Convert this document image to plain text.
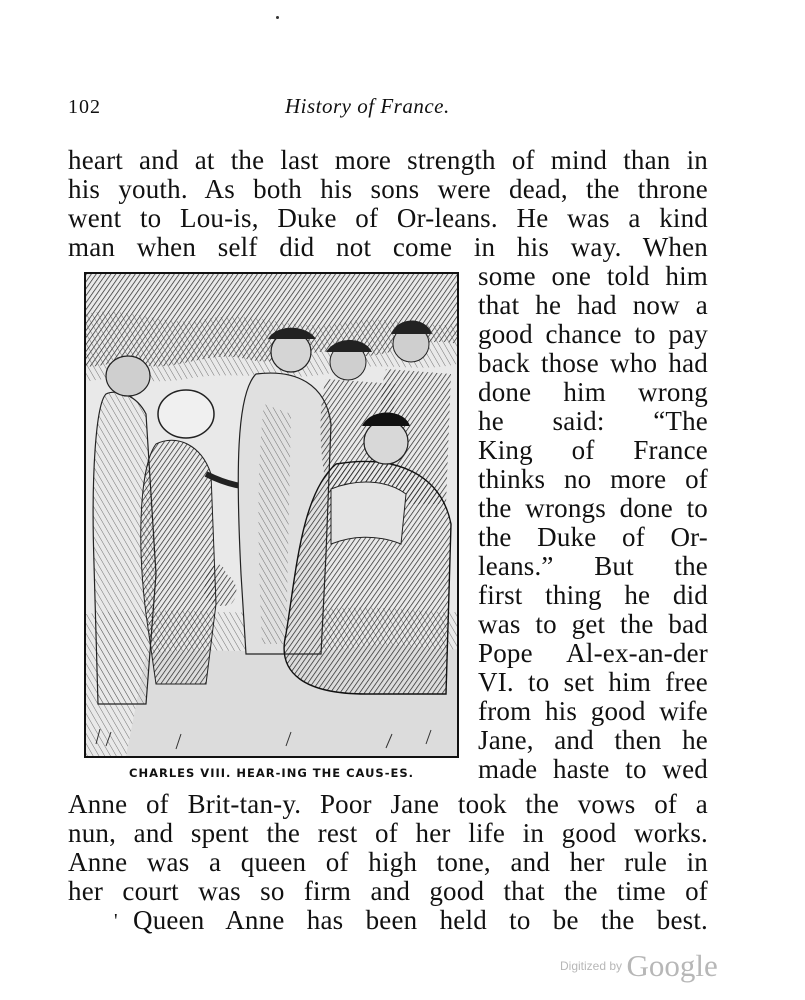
102	History of France.
heart and at the last more strength of mind than in
his youth. As both his sons were dead, the throne
went to Lou-is, Duke of Or-leans. He was a kind
man when self did not come in his way. When
some one told him
that he had now a
good chance to pay
back those who had
done him wrong
he said: “The
King of France
thinks no more of
the wrongs done to
the Duke of Or-
leans.” But the
first thing he did
was to get the bad
Pope Al-ex-an-der
VI. to set him free
from his good wife
Jane, and then he
made haste to wed
CHARLES VIII. HEAR-ING THE CAUS-ES.
Anne of Brit-tan-y. Poor Jane took the vows of a
nun, and spent the rest of her life in good works.
Anne was a queen of high tone, and her rule in
her court was so firm and good that the time of
' Queen Anne has been held to be the best.
Digitized by Google
